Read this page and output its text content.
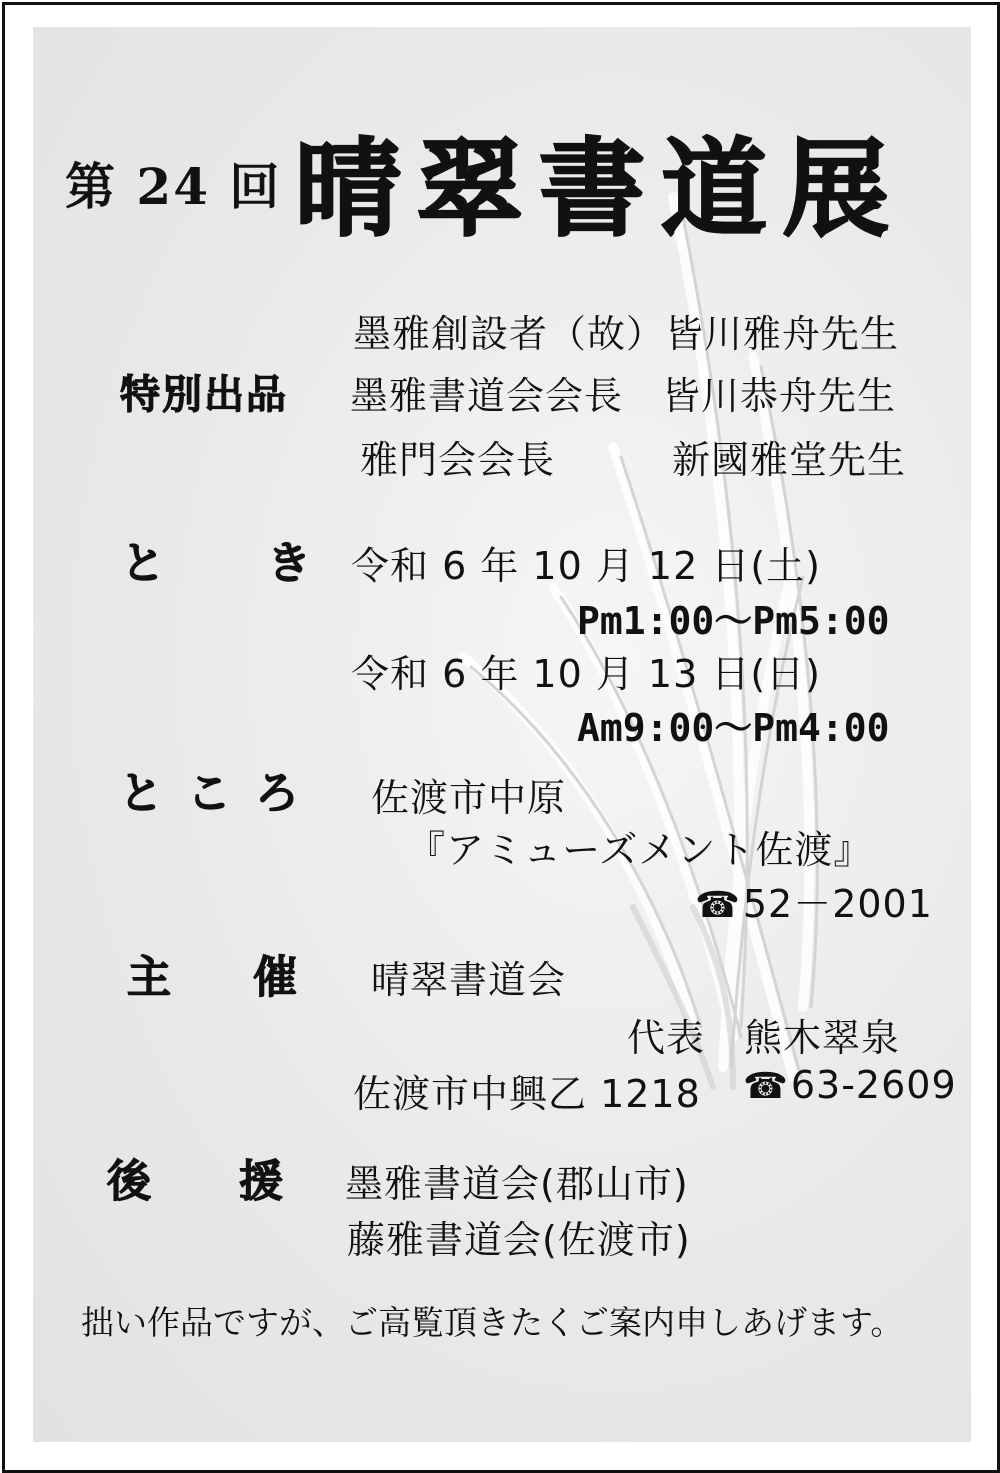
第 24 回 晴翠書道展
特別出品
墨雅創設者（故）皆川雅舟先生
墨雅書道会会長　皆川恭舟先生
雅門会会長　　　新國雅堂先生
と き 令和 6 年 10 月 12 日(土)
Pm1:00～Pm5:00
令和 6 年 10 月 13 日(日)
Am9:00～Pm4:00
ところ 佐渡市中原
『アミューズメント佐渡』
☎52－2001
主 催 晴翠書道会
代表　熊木翠泉
佐渡市中興乙 1218 ☎63-2609
後 援 墨雅書道会(郡山市)
藤雅書道会(佐渡市)
拙い作品ですが、ご高覧頂きたくご案内申しあげます。
